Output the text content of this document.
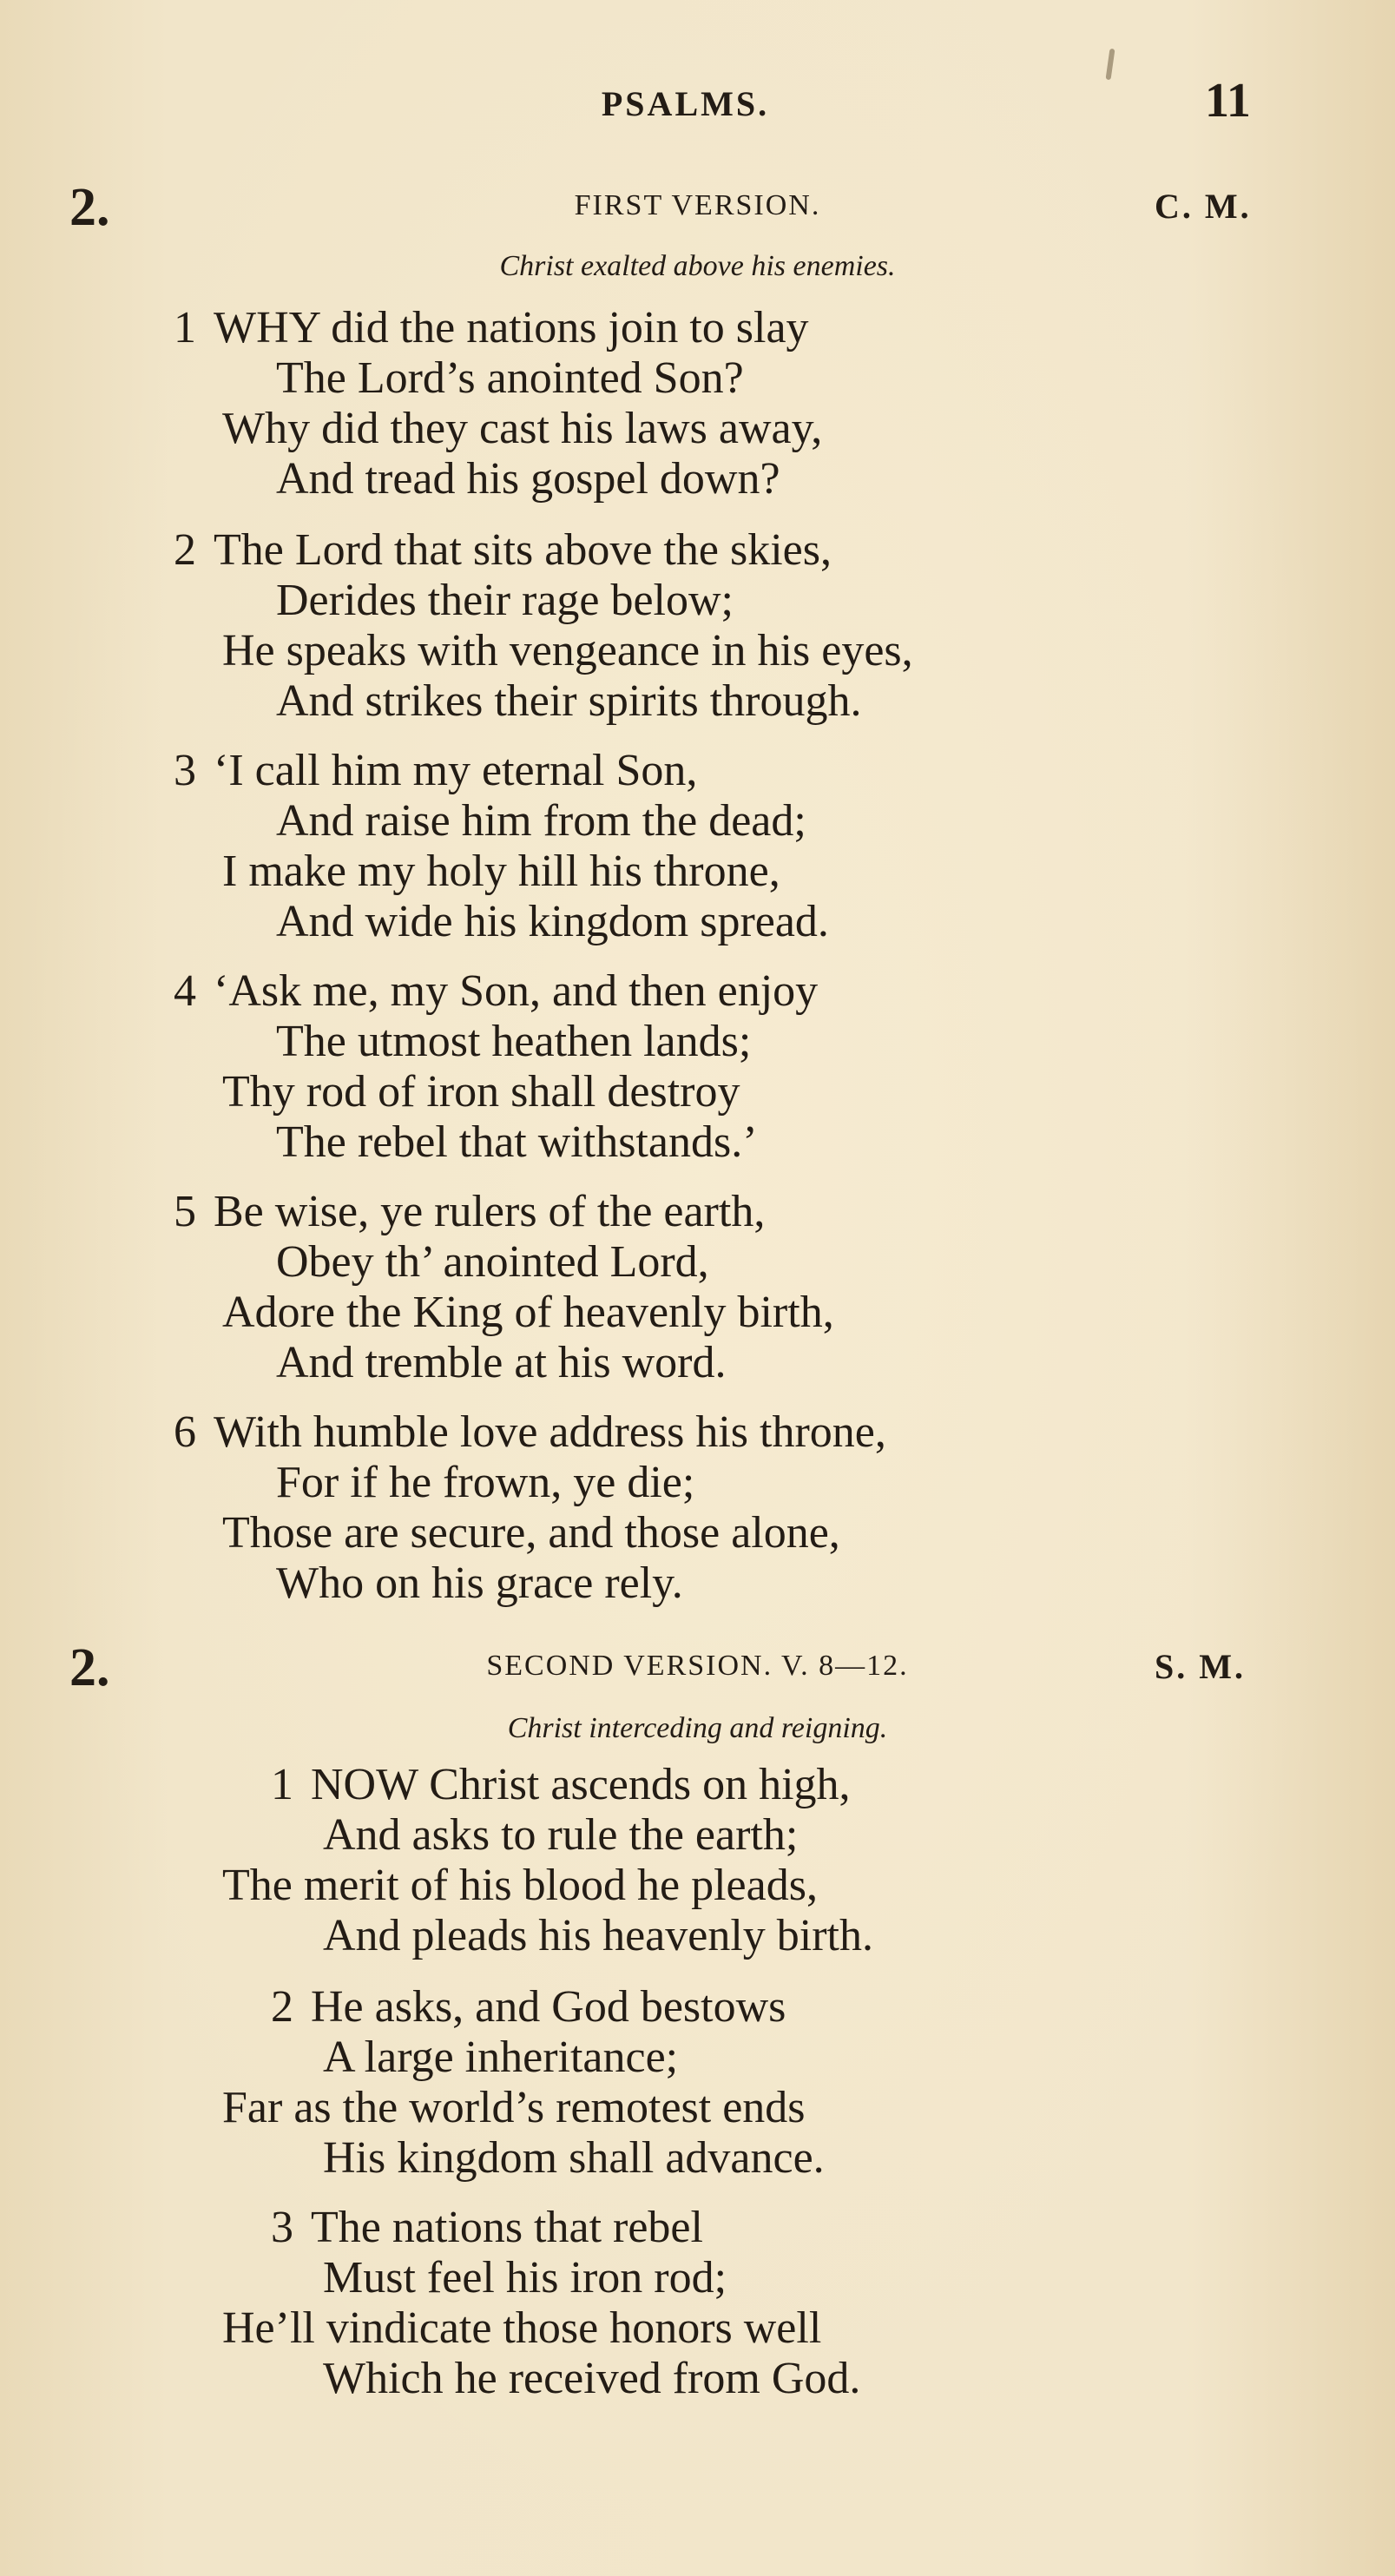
PSALMS.	11
2.	FIRST VERSION.	C. M.
Christ exalted above his enemies.
1 WHY did the nations join to slay
The Lord’s anointed Son?
Why did they cast his laws away,
And tread his gospel down?
2 The Lord that sits above the skies,
Derides their rage below;
He speaks with vengeance in his eyes,
And strikes their spirits through.
3 ‘I call him my eternal Son,
And raise him from the dead;
I make my holy hill his throne,
And wide his kingdom spread.
4 ‘Ask me, my Son, and then enjoy
The utmost heathen lands;
Thy rod of iron shall destroy
The rebel that withstands.’
5 Be wise, ye rulers of the earth,
Obey th’ anointed Lord,
Adore the King of heavenly birth,
And tremble at his word.
6 With humble love address his throne,
For if he frown, ye die;
Those are secure, and those alone,
Who on his grace rely.
2.	SECOND VERSION. V. 8—12.	S. M.
Christ interceding and reigning.
1 NOW Christ ascends on high,
And asks to rule the earth;
The merit of his blood he pleads,
And pleads his heavenly birth.
2 He asks, and God bestows
A large inheritance;
Far as the world’s remotest ends
His kingdom shall advance.
3 The nations that rebel
Must feel his iron rod;
He’ll vindicate those honors well
Which he received from God.
